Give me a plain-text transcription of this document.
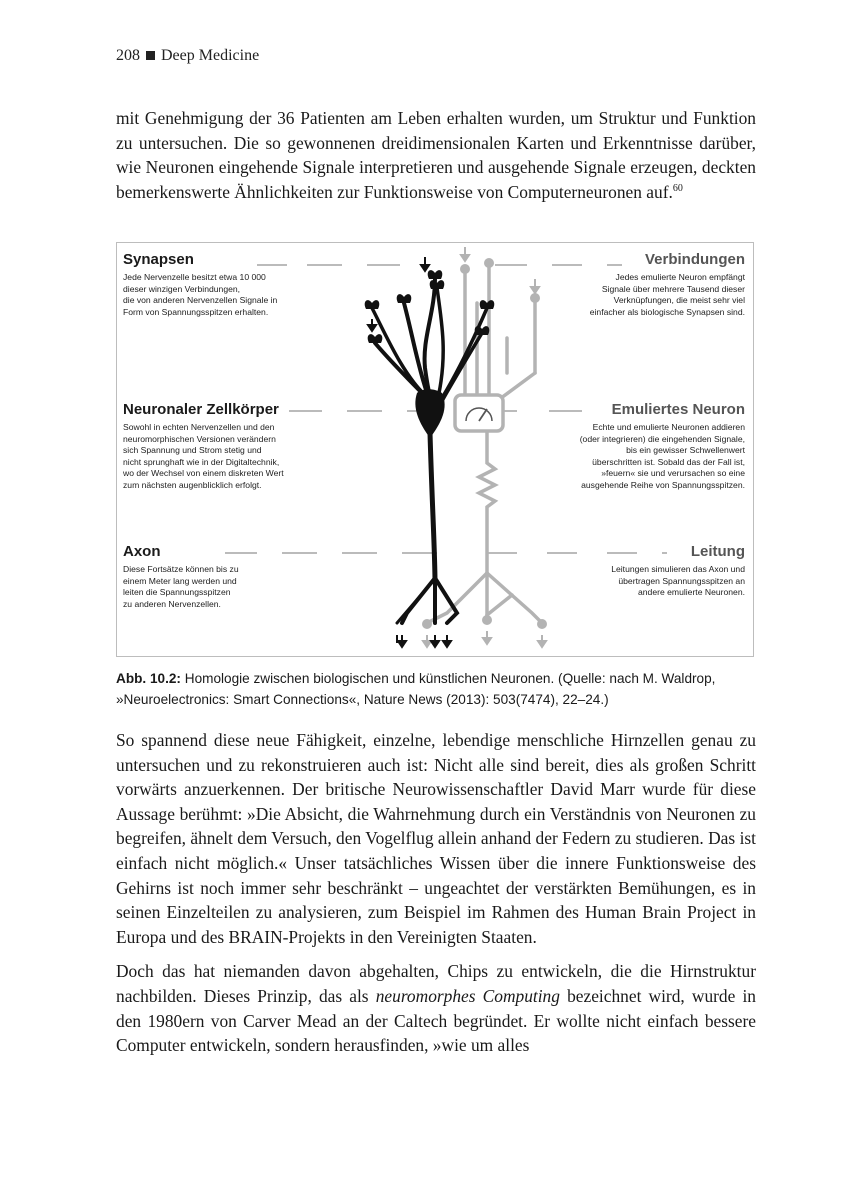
208 Deep Medicine

mit Genehmigung der 36 Patienten am Leben erhalten wurden, um Struktur und Funktion zu untersuchen. Die so gewonnenen dreidimensionalen Karten und Erkenntnisse darüber, wie Neuronen eingehende Signale interpretieren und ausgehende Signale erzeugen, deckten bemerkenswerte Ähnlichkeiten zur Funktionsweise von Computerneuronen auf.$^{60}$

Synapsen
Jede Nervenzelle besitzt etwa 10 000
dieser winzigen Verbindungen,
die von anderen Nervenzellen Signale in
Form von Spannungsspitzen erhalten.
Neuronaler Zellkörper
Sowohl in echten Nervenzellen und den
neuromorphischen Versionen verändern
sich Spannung und Strom stetig und
nicht sprunghaft wie in der Digitaltechnik,
wo der Wechsel von einem diskreten Wert
zum nächsten augenblicklich erfolgt.
Axon
Diese Fortsätze können bis zu
einem Meter lang werden und
leiten die Spannungsspitzen
zu anderen Nervenzellen.
Verbindungen
Jedes emulierte Neuron empfängt
Signale über mehrere Tausend dieser
Verknüpfungen, die meist sehr viel
einfacher als biologische Synapsen sind.
Emuliertes Neuron
Echte und emulierte Neuronen addieren
(oder integrieren) die eingehenden Signale,
bis ein gewisser Schwellenwert
überschritten ist. Sobald das der Fall ist,
»feuern« sie und verursachen so eine
ausgehende Reihe von Spannungsspitzen.
Leitung
Leitungen simulieren das Axon und
übertragen Spannungsspitzen an
andere emulierte Neuronen.
Abb. 10.2: Homologie zwischen biologischen und künstlichen Neuronen. (Quelle: nach M. Waldrop, »Neuroelectronics: Smart Connections«, Nature News (2013): 503(7474), 22–24.)

So spannend diese neue Fähigkeit, einzelne, lebendige menschliche Hirnzellen genau zu untersuchen und zu rekonstruieren auch ist: Nicht alle sind bereit, dies als großen Schritt vorwärts anzuerkennen. Der britische Neurowissenschaftler David Marr wurde für diese Aussage berühmt: »Die Absicht, die Wahrnehmung durch ein Verständnis von Neuronen zu begreifen, ähnelt dem Versuch, den Vogelflug allein anhand der Federn zu studieren. Das ist einfach nicht möglich.« Unser tatsächliches Wissen über die innere Funktionsweise des Gehirns ist noch immer sehr beschränkt – ungeachtet der verstärkten Bemühungen, es in seinen Einzelteilen zu analysieren, zum Beispiel im Rahmen des Human Brain Project in Europa und des BRAIN-Projekts in den Vereinigten Staaten.

Doch das hat niemanden davon abgehalten, Chips zu entwickeln, die die Hirnstruktur nachbilden. Dieses Prinzip, das als neuromorphes Computing bezeichnet wird, wurde in den 1980ern von Carver Mead an der Caltech begründet. Er wollte nicht einfach bessere Computer entwickeln, sondern herausfinden, »wie um alles
